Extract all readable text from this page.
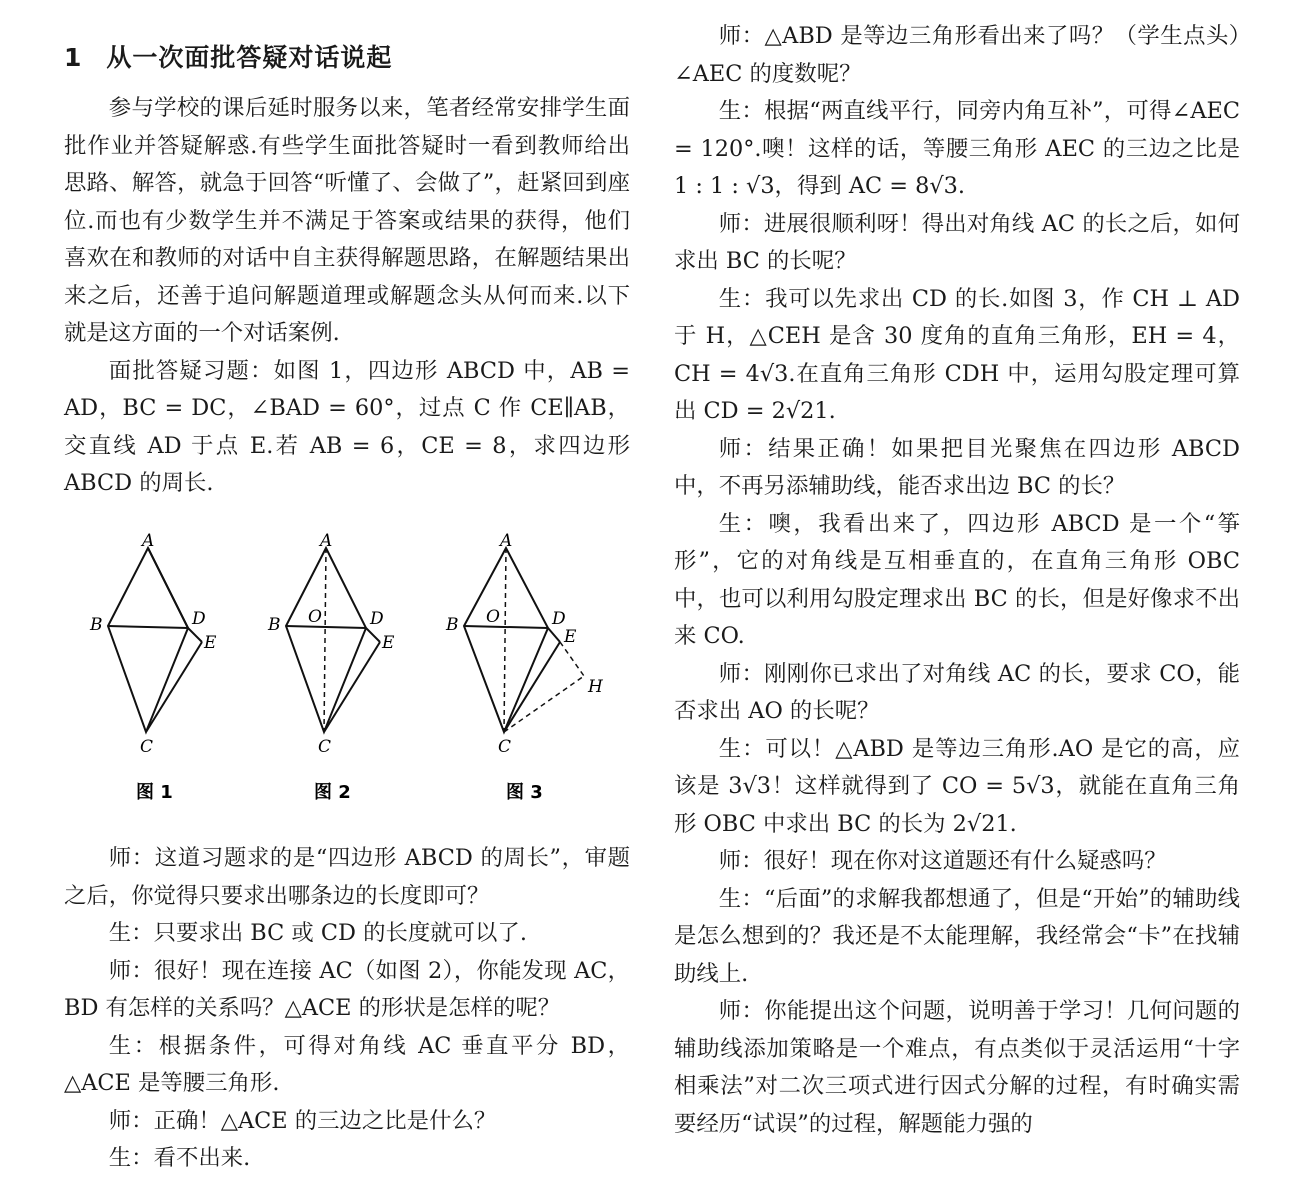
1 从一次面批答疑对话说起

参与学校的课后延时服务以来，笔者经常安排学生面批作业并答疑解惑.有些学生面批答疑时一看到教师给出思路、解答，就急于回答“听懂了、会做了”，赶紧回到座位.而也有少数学生并不满足于答案或结果的获得，他们喜欢在和教师的对话中自主获得解题思路，在解题结果出来之后，还善于追问解题道理或解题念头从何而来.以下就是这方面的一个对话案例.

面批答疑习题：如图 1，四边形 ABCD 中，AB = AD，BC = DC，∠BAD = 60°，过点 C 作 CE∥AB，交直线 AD 于点 E.若 AB = 6，CE = 8，求四边形 ABCD 的周长.

A
B	D
E
C
A
B O	D
E
C
A
B O	D
E
H
C
图 1	图 2	图 3

师：这道习题求的是“四边形 ABCD 的周长”，审题之后，你觉得只要求出哪条边的长度即可？

生：只要求出 BC 或 CD 的长度就可以了.

师：很好！现在连接 AC（如图 2），你能发现 AC，BD 有怎样的关系吗？△ACE 的形状是怎样的呢？

生：根据条件，可得对角线 AC 垂直平分 BD，△ACE 是等腰三角形.

师：正确！△ACE 的三边之比是什么？

生：看不出来.

师：△ABD 是等边三角形看出来了吗？（学生点头）∠AEC 的度数呢？

生：根据“两直线平行，同旁内角互补”，可得∠AEC = 120°.噢！这样的话，等腰三角形 AEC 的三边之比是 1 : 1 : √3，得到 AC = 8√3.

师：进展很顺利呀！得出对角线 AC 的长之后，如何求出 BC 的长呢？

生：我可以先求出 CD 的长.如图 3，作 CH ⊥ AD 于 H，△CEH 是含 30 度角的直角三角形，EH = 4，CH = 4√3.在直角三角形 CDH 中，运用勾股定理可算出 CD = 2√21.

师：结果正确！如果把目光聚焦在四边形 ABCD 中，不再另添辅助线，能否求出边 BC 的长？

生：噢，我看出来了，四边形 ABCD 是一个“筝形”，它的对角线是互相垂直的，在直角三角形 OBC 中，也可以利用勾股定理求出 BC 的长，但是好像求不出来 CO.

师：刚刚你已求出了对角线 AC 的长，要求 CO，能否求出 AO 的长呢？

生：可以！△ABD 是等边三角形.AO 是它的高，应该是 3√3！这样就得到了 CO = 5√3，就能在直角三角形 OBC 中求出 BC 的长为 2√21.

师：很好！现在你对这道题还有什么疑惑吗？

生：“后面”的求解我都想通了，但是“开始”的辅助线是怎么想到的？我还是不太能理解，我经常会“卡”在找辅助线上.

师：你能提出这个问题，说明善于学习！几何问题的辅助线添加策略是一个难点，有点类似于灵活运用“十字相乘法”对二次三项式进行因式分解的过程，有时确实需要经历“试误”的过程，解题能力强的
